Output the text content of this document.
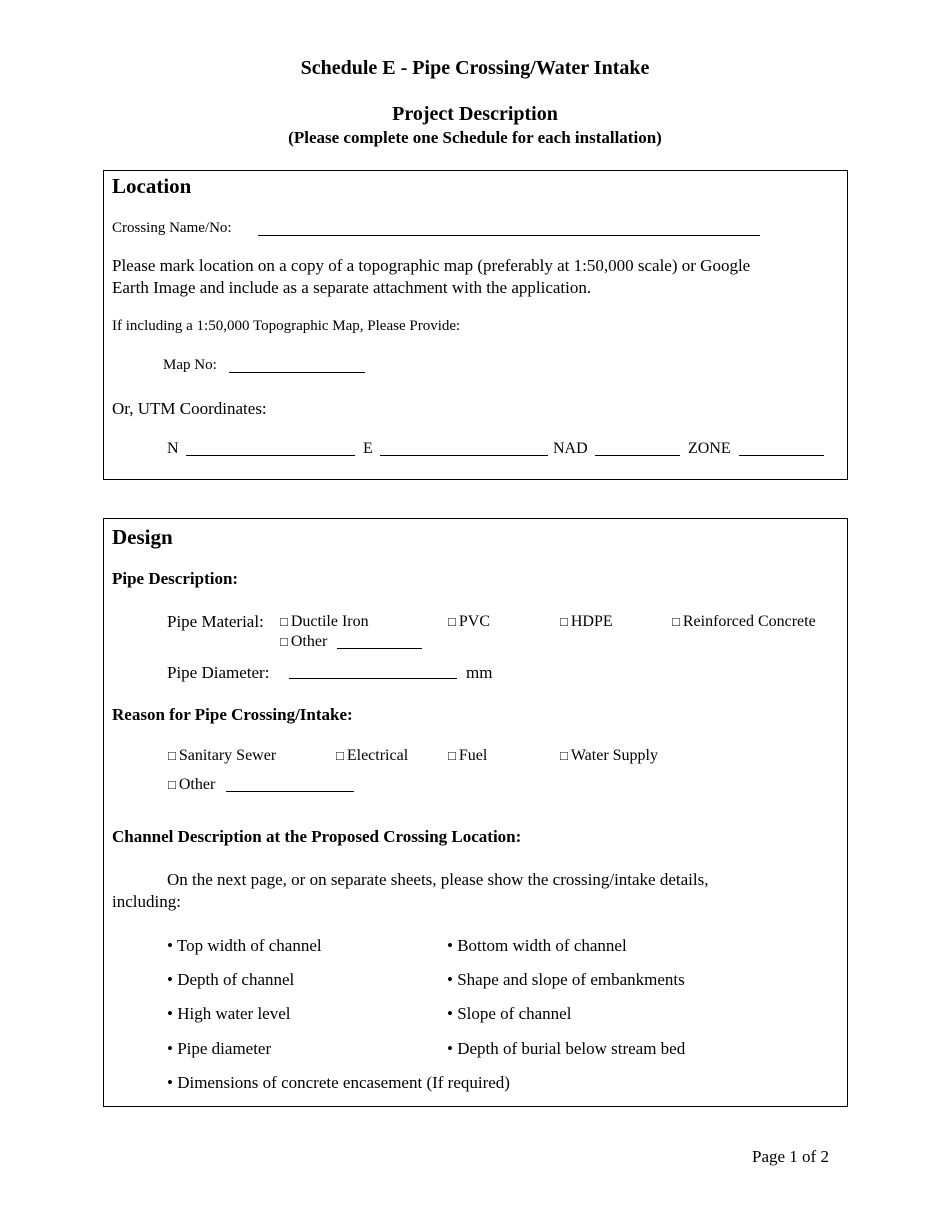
Schedule E - Pipe Crossing/Water Intake
Project Description
(Please complete one Schedule for each installation)
Location
Crossing Name/No:
Please mark location on a copy of a topographic map (preferably at 1:50,000 scale) or Google
Earth Image and include as a separate attachment with the application.
If including a 1:50,000 Topographic Map, Please Provide:
Map No:
Or, UTM Coordinates:
N	E	NAD	ZONE
Design
Pipe Description:
Pipe Material: □ Ductile Iron	□ PVC	□ HDPE	□ Reinforced Concrete
□ Other
Pipe Diameter:	mm
Reason for Pipe Crossing/Intake:
□ Sanitary Sewer	□ Electrical	□ Fuel	□ Water Supply
□ Other
Channel Description at the Proposed Crossing Location:
On the next page, or on separate sheets, please show the crossing/intake details,
including:
• Top width of channel	• Bottom width of channel
• Depth of channel	• Shape and slope of embankments
• High water level	• Slope of channel
• Pipe diameter	• Depth of burial below stream bed
• Dimensions of concrete encasement (If required)
Page 1 of 2
